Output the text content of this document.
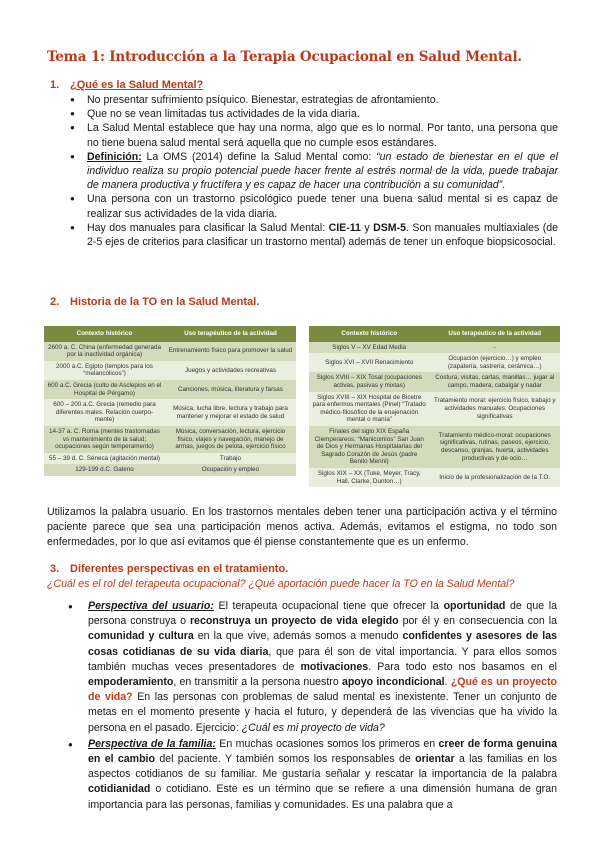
Tema 1: Introducción a la Terapia Ocupacional en Salud Mental.
1. ¿Qué es la Salud Mental?
● No presentar sufrimiento psíquico. Bienestar, estrategias de afrontamiento.
● Que no se vean limitadas tus actividades de la vida diaria.
● La Salud Mental establece que hay una norma, algo que es lo normal. Por tanto, una persona que no tiene buena salud mental será aquella que no cumple esos estándares.
● Definición: La OMS (2014) define la Salud Mental como: “un estado de bienestar en el que el individuo realiza su propio potencial puede hacer frente al estrés normal de la vida, puede trabajar de manera productiva y fructífera y es capaz de hacer una contribución a su comunidad”.
● Una persona con un trastorno psicológico puede tener una buena salud mental si es capaz de realizar sus actividades de la vida diaria.
● Hay dos manuales para clasificar la Salud Mental: CIE-11 y DSM-5. Son manuales multiaxiales (de 2-5 ejes de criterios para clasificar un trastorno mental) además de tener un enfoque biopsicosocial.
2. Historia de la TO en la Salud Mental.
Contexto histórico	Uso terapéutico de la actividad
2600 a. C. China (enfermedad generada por la inactividad orgánica)	Entrenamiento físico para promover la salud
2000 a.C. Egipto (templos para los “melancólicos”)	Juegos y actividades recreativas
600 a.C. Grecia (culto de Asclepios en el Hospital de Pérgamo)	Canciones, música, literatura y farsas
600 – 200 a.C. Grecia (remedio para diferentes males. Relación cuerpo-mente)	Música, lucha libre, lectura y trabajo para mantener y mejorar el estado de salud
14-37 a. C. Roma (mentes trastornadas vs mantenimiento de la salud; ocupaciones según temperamento)	Música, conversación, lectura, ejercicio físico, viajes y navegación, manejo de armas, juegos de pelota, ejercicio físico
55 – 39 d. C. Séneca (agitación mental)	Trabajo
129-199 d.C. Galeno	Ocupación y empleo
Contexto histórico	Uso terapéutico de la actividad
Siglos V – XV Edad Media	-
Siglos XVI – XVII Renacimiento	Ocupación (ejercicio…) y empleo (zapatería, sastrería, cerámica…)
Siglos XVIII – XIX Tosal (ocupaciones activas, pasivas y mixtas)	Costura, visitas, cartas, manillas… jugar al campo, madera, cabalgar y nadar
Siglos XVIII – XIX Hospital de Bicetre para enfermos mentales (Pinel) “Tratado médico-filosófico de la enajenación mental o manía”	Tratamiento moral: ejercicio físico, trabajo y actividades manuales. Ocupaciones significativas
Finales del siglo XIX España Clemperareos: “Manicomios” San Juan de Dios y Hermanas Hospitalarias del Sagrado Corazón de Jesús (padre Benito Menni)	Tratamiento médico-moral: ocupaciones significativas, rutinas, paseos, ejercicio, descanso, granjas, huerta, actividades productivas y de ocio…
Siglos XIX – XX (Tuke, Meyer, Tracy, Hall, Clarke, Dunton…)	Inicio de la profesionalización de la T.O.
Utilizamos la palabra usuario. En los trastornos mentales deben tener una participación activa y el término paciente parece que sea una participación menos activa. Además, evitamos el estigma, no todo son enfermedades, por lo que así evitamos que él piense constantemente que es un enfermo.
3. Diferentes perspectivas en el tratamiento.
¿Cuál es el rol del terapeuta ocupacional? ¿Qué aportación puede hacer la TO en la Salud Mental?
● Perspectiva del usuario: El terapeuta ocupacional tiene que ofrecer la oportunidad de que la persona construya o reconstruya un proyecto de vida elegido por él y en consecuencia con la comunidad y cultura en la que vive, además somos a menudo confidentes y asesores de las cosas cotidianas de su vida diaria, que para él son de vital importancia. Y para ellos somos también muchas veces presentadores de motivaciones. Para todo esto nos basamos en el empoderamiento, en transmitir a la persona nuestro apoyo incondicional. ¿Qué es un proyecto de vida? En las personas con problemas de salud mental es inexistente. Tener un conjunto de metas en el momento presente y hacia el futuro, y dependerá de las vivencias que ha vivido la persona en el pasado. Ejercicio: ¿Cuál es mi proyecto de vida?
● Perspectiva de la familia: En muchas ocasiones somos los primeros en creer de forma genuina en el cambio del paciente. Y también somos los responsables de orientar a las familias en los aspectos cotidianos de su familiar. Me gustaría señalar y rescatar la importancia de la palabra cotidianidad o cotidiano. Este es un término que se refiere a una dimensión humana de gran importancia para las personas, familias y comunidades. Es una palabra que a
